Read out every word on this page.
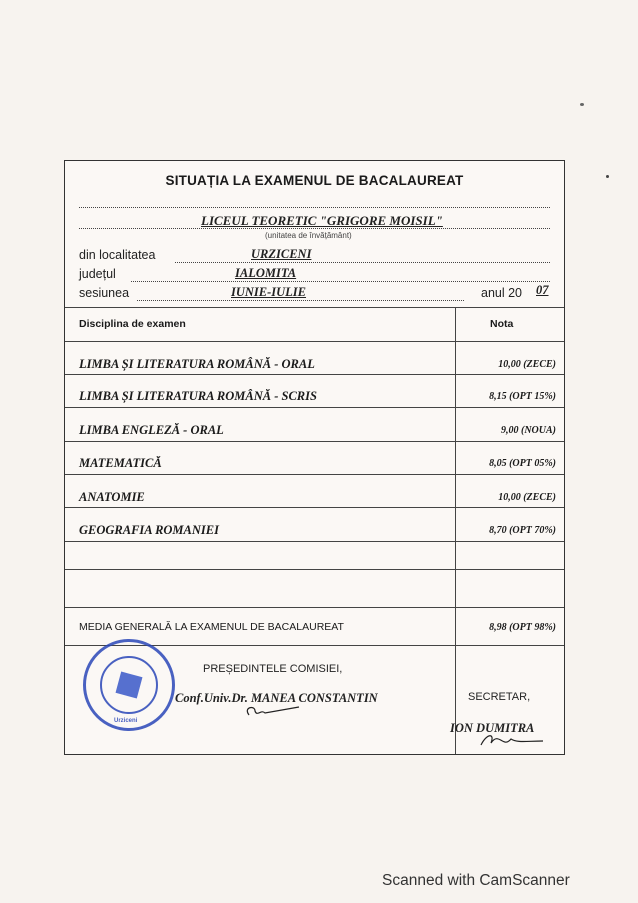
SITUAȚIA LA EXAMENUL DE BACALAUREAT
LICEUL TEORETIC "GRIGORE MOISIL"
(unitatea de învățământ)
din localitatea	URZICENI
județul	IALOMITA
sesiunea	IUNIE-IULIE	anul 20 07
Disciplina de examen	Nota
LIMBA ȘI LITERATURA ROMÂNĂ - ORAL	10,00 (ZECE)
LIMBA ȘI LITERATURA ROMÂNĂ - SCRIS	8,15 (OPT 15%)
LIMBA ENGLEZĂ - ORAL	9,00 (NOUA)
MATEMATICĂ	8,05 (OPT 05%)
ANATOMIE	10,00 (ZECE)
GEOGRAFIA ROMANIEI	8,70 (OPT 70%)
MEDIA GENERALĂ LA EXAMENUL DE BACALAUREAT	8,98 (OPT 98%)
PREȘEDINTELE COMISIEI,
Conf.Univ.Dr. MANEA CONSTANTIN	SECRETAR,
ION DUMITRA
Urziceni
Scanned with CamScanner
